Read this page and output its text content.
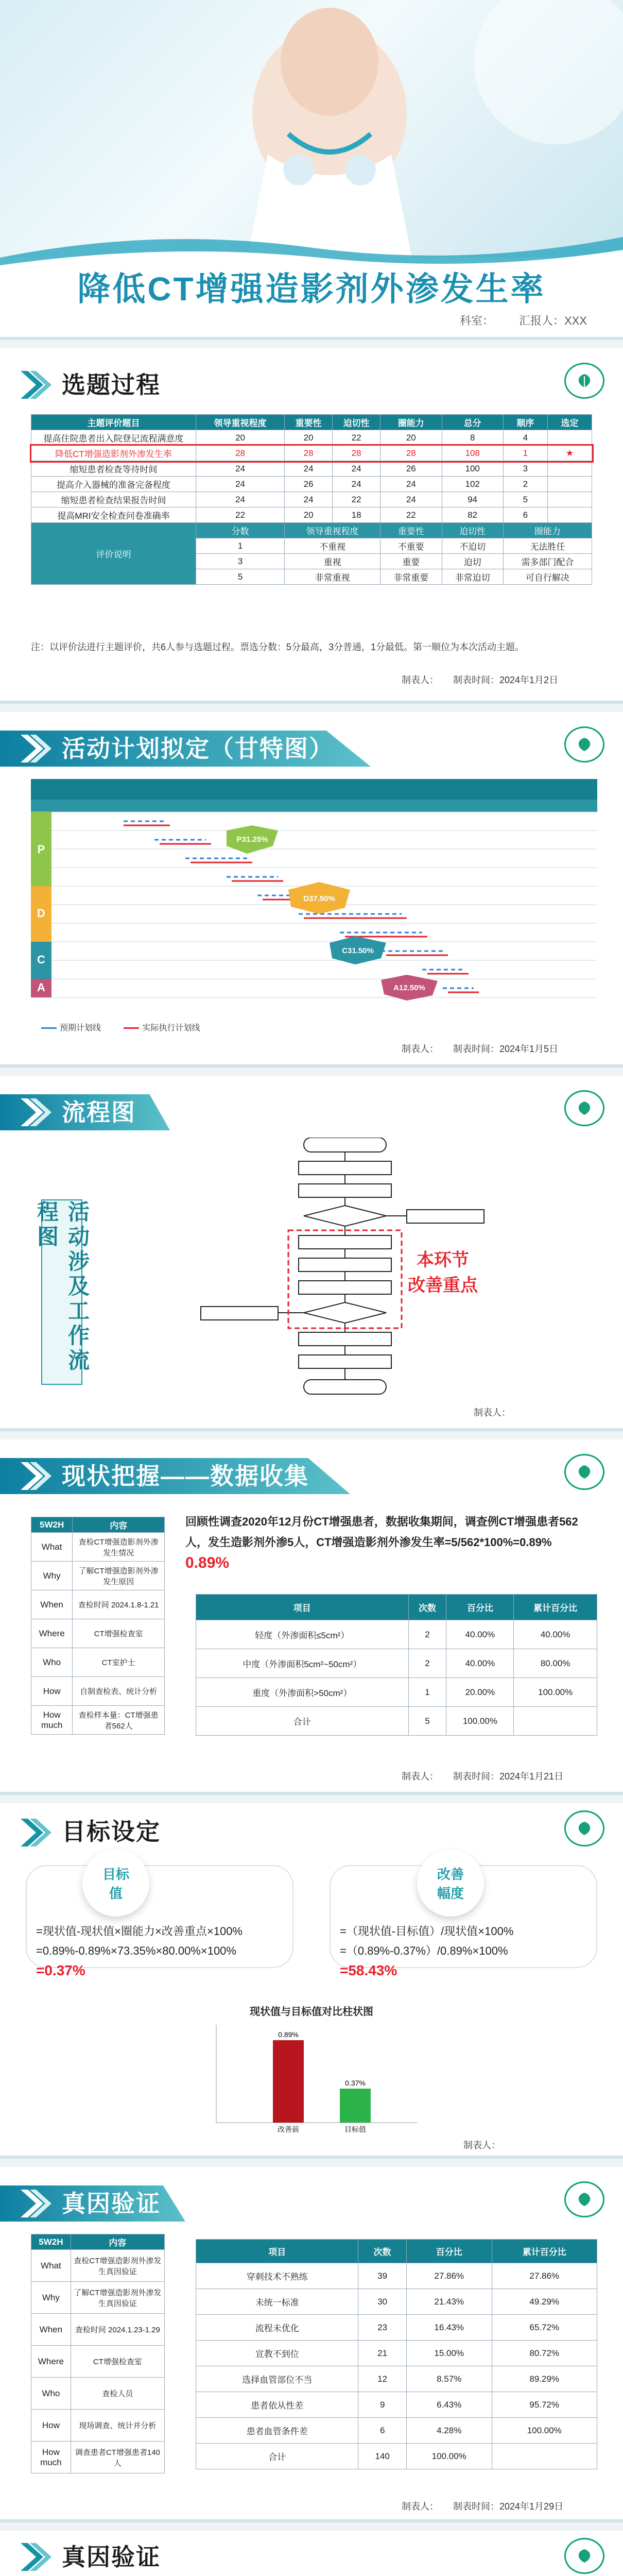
降低CT增强造影剂外渗发生率
科室： 汇报人：XXX
选题过程
主题评价题目	领导重视程度	重要性	迫切性	圈能力	总分	顺序	选定
提高住院患者出入院登记流程满意度	20	20	22	20	8	4	
降低CT增强造影剂外渗发生率	28	28	28	28	108	1	★
缩短患者检查等待时间	24	24	24	26	100	3	
提高介入器械的准备完备程度	24	26	24	24	102	2	
缩短患者检查结果报告时间	24	24	22	24	94	5	
提高MRI安全检查问卷准确率	22	20	18	22	82	6	
评价说明	分数	领导重视程度		重要性	迫切性	圈能力	
	1	不重视		不重要	不迫切	无法胜任	
	3	重视		重要	迫切	需多部门配合	
	5	非常重视		非常重要	非常迫切	可自行解决	
注：以评价法进行主题评价，共6人参与选题过程。票选分数：5分最高，3分普通，1分最低。第一顺位为本次活动主题。
制表人： 制表时间：2024年1月2日
活动计划拟定（甘特图）
P
D
C
A
P31.25%
D37.50%
C31.50%
A12.50%
预期计划线	实际执行计划线
制表人： 制表时间：2024年1月5日
流程图
活动涉及工作流程图
本环节
改善重点
制表人：
现状把握——数据收集
5W2H	内容
What	查检CT增强造影剂外渗发生情况
Why	了解CT增强造影剂外渗发生原因
When	查检时间 2024.1.8-1.21
Where	CT增强检查室
Who	CT室护士
How	自制查检表、统计分析
How much	查检样本量：CT增强患者562人
回顾性调查2020年12月份CT增强患者，数据收集期间，调查例CT增强患者562人，发生造影剂外渗5人，CT增强造影剂外渗发生率=5/562*100%=0.89% 0.89%
项目	次数	百分比	累计百分比
轻度（外渗面积≤5cm²）	2	40.00%	40.00%
中度（外渗面积5cm²~50cm²）	2	40.00%	80.00%
重度（外渗面积>50cm²）	1	20.00%	100.00%
合计	5	100.00%	
制表人： 制表时间：2024年1月21日
目标设定
目标
值
改善
幅度
=现状值-现状值×圈能力×改善重点×100%
=0.89%-0.89%×73.35%×80.00%×100%
=0.37%
=（现状值-目标值）/现状值×100%
=（0.89%-0.37%）/0.89%×100%
=58.43%
现状值与目标值对比柱状图
0.89%
0.37%
改善前	目标值
制表人：
真因验证
5W2H	内容
What	查检CT增强造影剂外渗发生真因验证
Why	了解CT增强造影剂外渗发生真因验证
When	查检时间 2024.1.23-1.29
Where	CT增强检查室
Who	查检人员
How	现场调查、统计并分析
How much	调查患者CT增强患者140人
项目	次数	百分比	累计百分比
穿刺技术不熟练	39	27.86%	27.86%
未统一标准	30	21.43%	49.29%
流程未优化	23	16.43%	65.72%
宣教不到位	21	15.00%	80.72%
选择血管部位不当	12	8.57%	89.29%
患者依从性差	9	6.43%	95.72%
患者血管条件差	6	4.28%	100.00%
合计	140	100.00%	
制表人： 制表时间：2024年1月29日
真因验证
